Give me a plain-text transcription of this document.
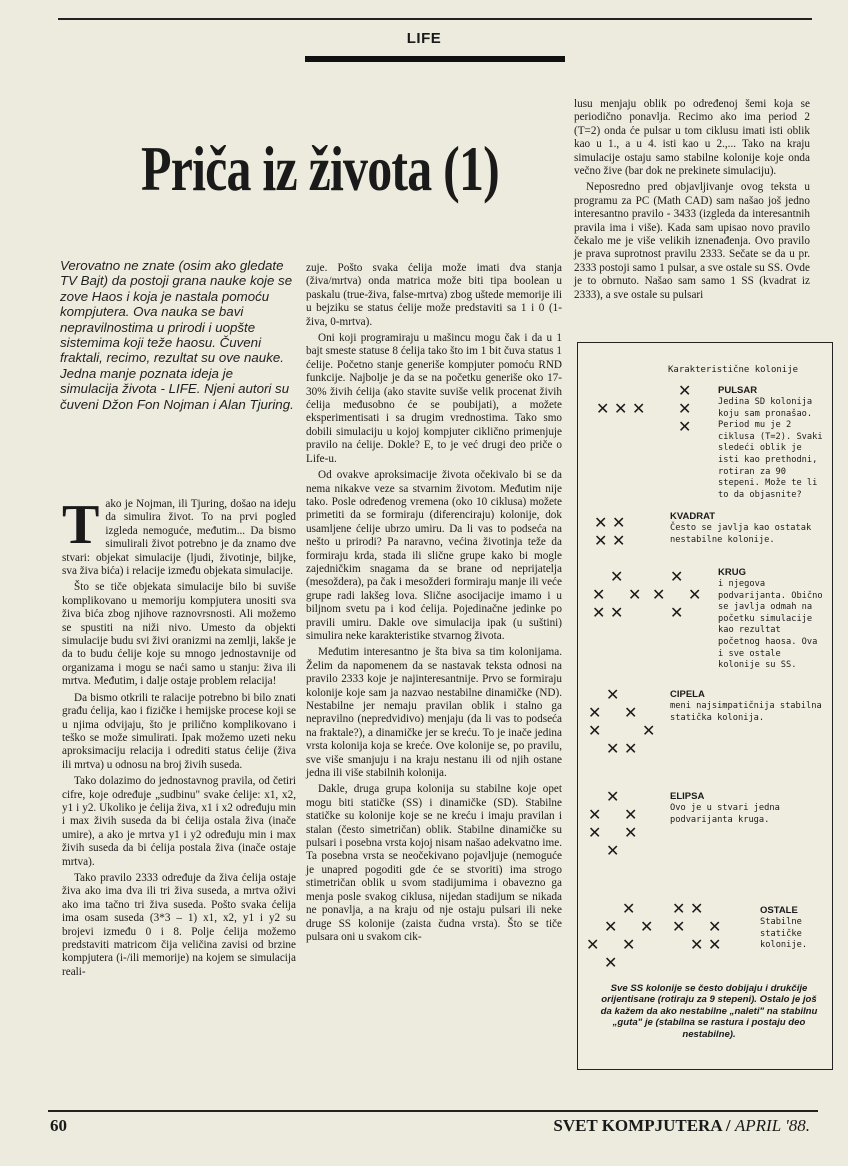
LIFE
Priča iz života (1)

Verovatno ne znate (osim ako gledate TV Bajt) da postoji grana nauke koje se zove Haos i koja je nastala pomoću kompjutera. Ova nauka se bavi nepravilnostima u prirodi i uopšte sistemima koji teže haosu. Čuveni fraktali, recimo, rezultat su ove nauke. Jedna manje poznata ideja je simulacija života - LIFE. Njeni autori su čuveni Džon Fon Nojman i Alan Tjuring.

Tako je Nojman, ili Tjuring, došao na ideju da simulira život. To na prvi pogled izgleda nemoguće, međutim... Da bismo simulirali život potrebno je da znamo dve stvari: objekat simulacije (ljudi, životinje, biljke, sva živa bića) i relacije između objekata simulacije.

Što se tiče objekata simulacije bilo bi suviše komplikovano u memoriju kompjutera unositi sva živa bića zbog njihove raznovrsnosti. Ali možemo se spustiti na niži nivo. Umesto da objekti simulacije budu svi živi oranizmi na zemlji, lakše je da to budu ćelije koje su mnogo jednostavnije od organizama i mogu se naći samo u stanju: živa ili mrtva. Međutim, i dalje ostaje problem relacija!

Da bismo otkrili te ralacije potrebno bi bilo znati građu ćelija, kao i fizičke i hemijske procese koji se u njima odvijaju, što je prilično komplikovano i teško se može simulirati. Ipak možemo uzeti neku aproksimaciju relacija i odrediti status ćelije (živa ili mrtva) u odnosu na broj živih suseda.

Tako dolazimo do jednostavnog pravila, od četiri cifre, koje određuje „sudbinu" svake ćelije: x1, x2, y1 i y2. Ukoliko je ćelija živa, x1 i x2 određuju min i max živih suseda da bi ćelija ostala živa (inače umire), a ako je mrtva y1 i y2 određuju min i max živih suseda da bi ćelija postala živa (inače ostaje mrtva).

Tako pravilo 2333 određuje da živa ćelija ostaje živa ako ima dva ili tri živa suseda, a mrtva oživi ako ima tačno tri živa suseda. Pošto svaka ćelija ima osam suseda (3*3 – 1) x1, x2, y1 i y2 su brojevi između 0 i 8. Polje ćelija možemo predstaviti matricom čija veličina zavisi od brzine kompjutera (i-/ili memorije) na kojem se simulacija reali-

zuje. Pošto svaka ćelija može imati dva stanja (živa/mrtva) onda matrica može biti tipa boolean u paskalu (true-živa, false-mrtva) zbog uštede memorije ili u bejziku se status ćelije može predstaviti sa 1 i 0 (1-živa, 0-mrtva).

Oni koji programiraju u mašincu mogu čak i da u 1 bajt smeste statuse 8 ćelija tako što im 1 bit čuva status 1 ćelije. Početno stanje generiše kompjuter pomoću RND funkcije. Najbolje je da se na početku generiše oko 17-30% živih ćelija (ako stavite suviše velik procenat živih ćelija međusobno će se poubijati), a možete eksperimentisati i sa drugim vrednostima. Tako smo dobili simulaciju u kojoj kompjuter ciklično primenjuje pravilo na ćelije. Dokle? E, to je već drugi deo priče o Life-u.

Od ovakve aproksimacije života očekivalo bi se da nema nikakve veze sa stvarnim životom. Međutim nije tako. Posle određenog vremena (oko 10 ciklusa) možete primetiti da se formiraju (diferenciraju) kolonije, dok usamljene ćelije ubrzo umiru. Da li vas to podseća na nešto u prirodi? Pa naravno, većina životinja teže da formiraju krda, stada ili slične grupe kako bi mogle zajedničkim snagama da se brane od neprijatelja (mesoždera), pa čak i mesožderi formiraju manje ili veće grupe radi lakšeg lova. Slične asocijacije imamo i u biljnom svetu pa i kod ćelija. Pojedinačne jedinke po pravili umiru. Dakle ove simulacija ipak (u suštini) simulira neke karakteristike stvarnog života.

Međutim interesantno je šta biva sa tim kolonijama. Želim da napomenem da se nastavak teksta odnosi na pravilo 2333 koje je najinteresantnije. Prvo se formiraju kolonije koje sam ja nazvao nestabilne dinamičke (ND). Nestabilne jer nemaju pravilan oblik i stalno ga nepravilno (nepredvidivo) menjaju (da li vas to podseća na fraktale?), a dinamičke jer se kreću. To je inače jedina vrsta kolonija koja se kreće. Ove kolonije se, po pravilu, sve više smanjuju i na kraju nestanu ili od njih ostane jedna ili više stabilnih kolonija.

Dakle, druga grupa kolonija su stabilne koje opet mogu biti statičke (SS) i dinamičke (SD). Stabilne statičke su kolonije koje se ne kreću i imaju pravilan i stalan (često simetričan) oblik. Stabilne dinamičke su pulsari i posebna vrsta kojoj nisam našao adekvatno ime. Ta posebna vrsta se neočekivano pojavljuje (nemoguće je unapred pogoditi gde će se stvoriti) ima strogo stimetričan oblik u svom stadijumima i obavezno ga menja posle svakog ciklusa, nijedan stadijum se nikada ne ponavlja, a na kraju od nje ostaju pulsari ili neke druge SS kolonije (zaista čudna vrsta). Što se tiče pulsara oni u svakom cik-

lusu menjaju oblik po određenoj šemi koja se periodično ponavlja. Recimo ako ima period 2 (T=2) onda će pulsar u tom ciklusu imati isti oblik kao u 1., a u 4. isti kao u 2.,... Tako na kraju simulacije ostaju samo stabilne kolonije koje onda večno žive (bar dok ne prekinete simulaciju).

Neposredno pred objavljivanje ovog teksta u programu za PC (Math CAD) sam našao još jedno interesantno pravilo - 3433 (izgleda da interesantnih pravila ima i više). Kada sam upisao novo pravilo čekalo me je više velikih iznenađenja. Ovo pravilo je prava suprotnost pravilu 2333. Sečate se da u pr. 2333 postoji samo 1 pulsar, a sve ostale su SS. Ovde je to obrnuto. Našao sam samo 1 SS (kvadrat iz 2333), a sve ostale su pulsari

Karakteristične kolonije
✕ ✕ ✕
✕
✕
✕
✕ ✕
✕ ✕
✕
✕ ✕
✕ ✕
✕
✕ ✕
✕
✕
✕ ✕
✕	✕
✕ ✕
✕
✕ ✕
✕ ✕
✕
✕
✕ ✕
✕ ✕
✕
✕ ✕
✕ ✕
✕ ✕
PULSAR
Jedina SD kolonija koju sam pronašao. Period mu je 2 ciklusa (T=2). Svaki sledeći oblik je isti kao prethodni, rotiran za 90 stepeni. Može te li to da objasnite?
KVADRAT
Često se javlja kao ostatak nestabilne kolonije.
KRUG
i njegova podvarijanta. Obično se javlja odmah na početku simulacije kao rezultat početnog haosa. Ova i sve ostale kolonije su SS.
CIPELA
meni najsimpatičnija stabilna statička kolonija.
ELIPSA
Ovo je u stvari jedna podvarijanta kruga.
OSTALE
Stabilne statičke kolonije.
Sve SS kolonije se često dobijaju i drukčije orijentisane (rotiraju za 9 stepeni). Ostalo je još da kažem da ako nestabilne „naleti" na stabilnu „guta" je (stabilna se rastura i postaju deo nestabilne).
60	SVET KOMPJUTERA / APRIL '88.
